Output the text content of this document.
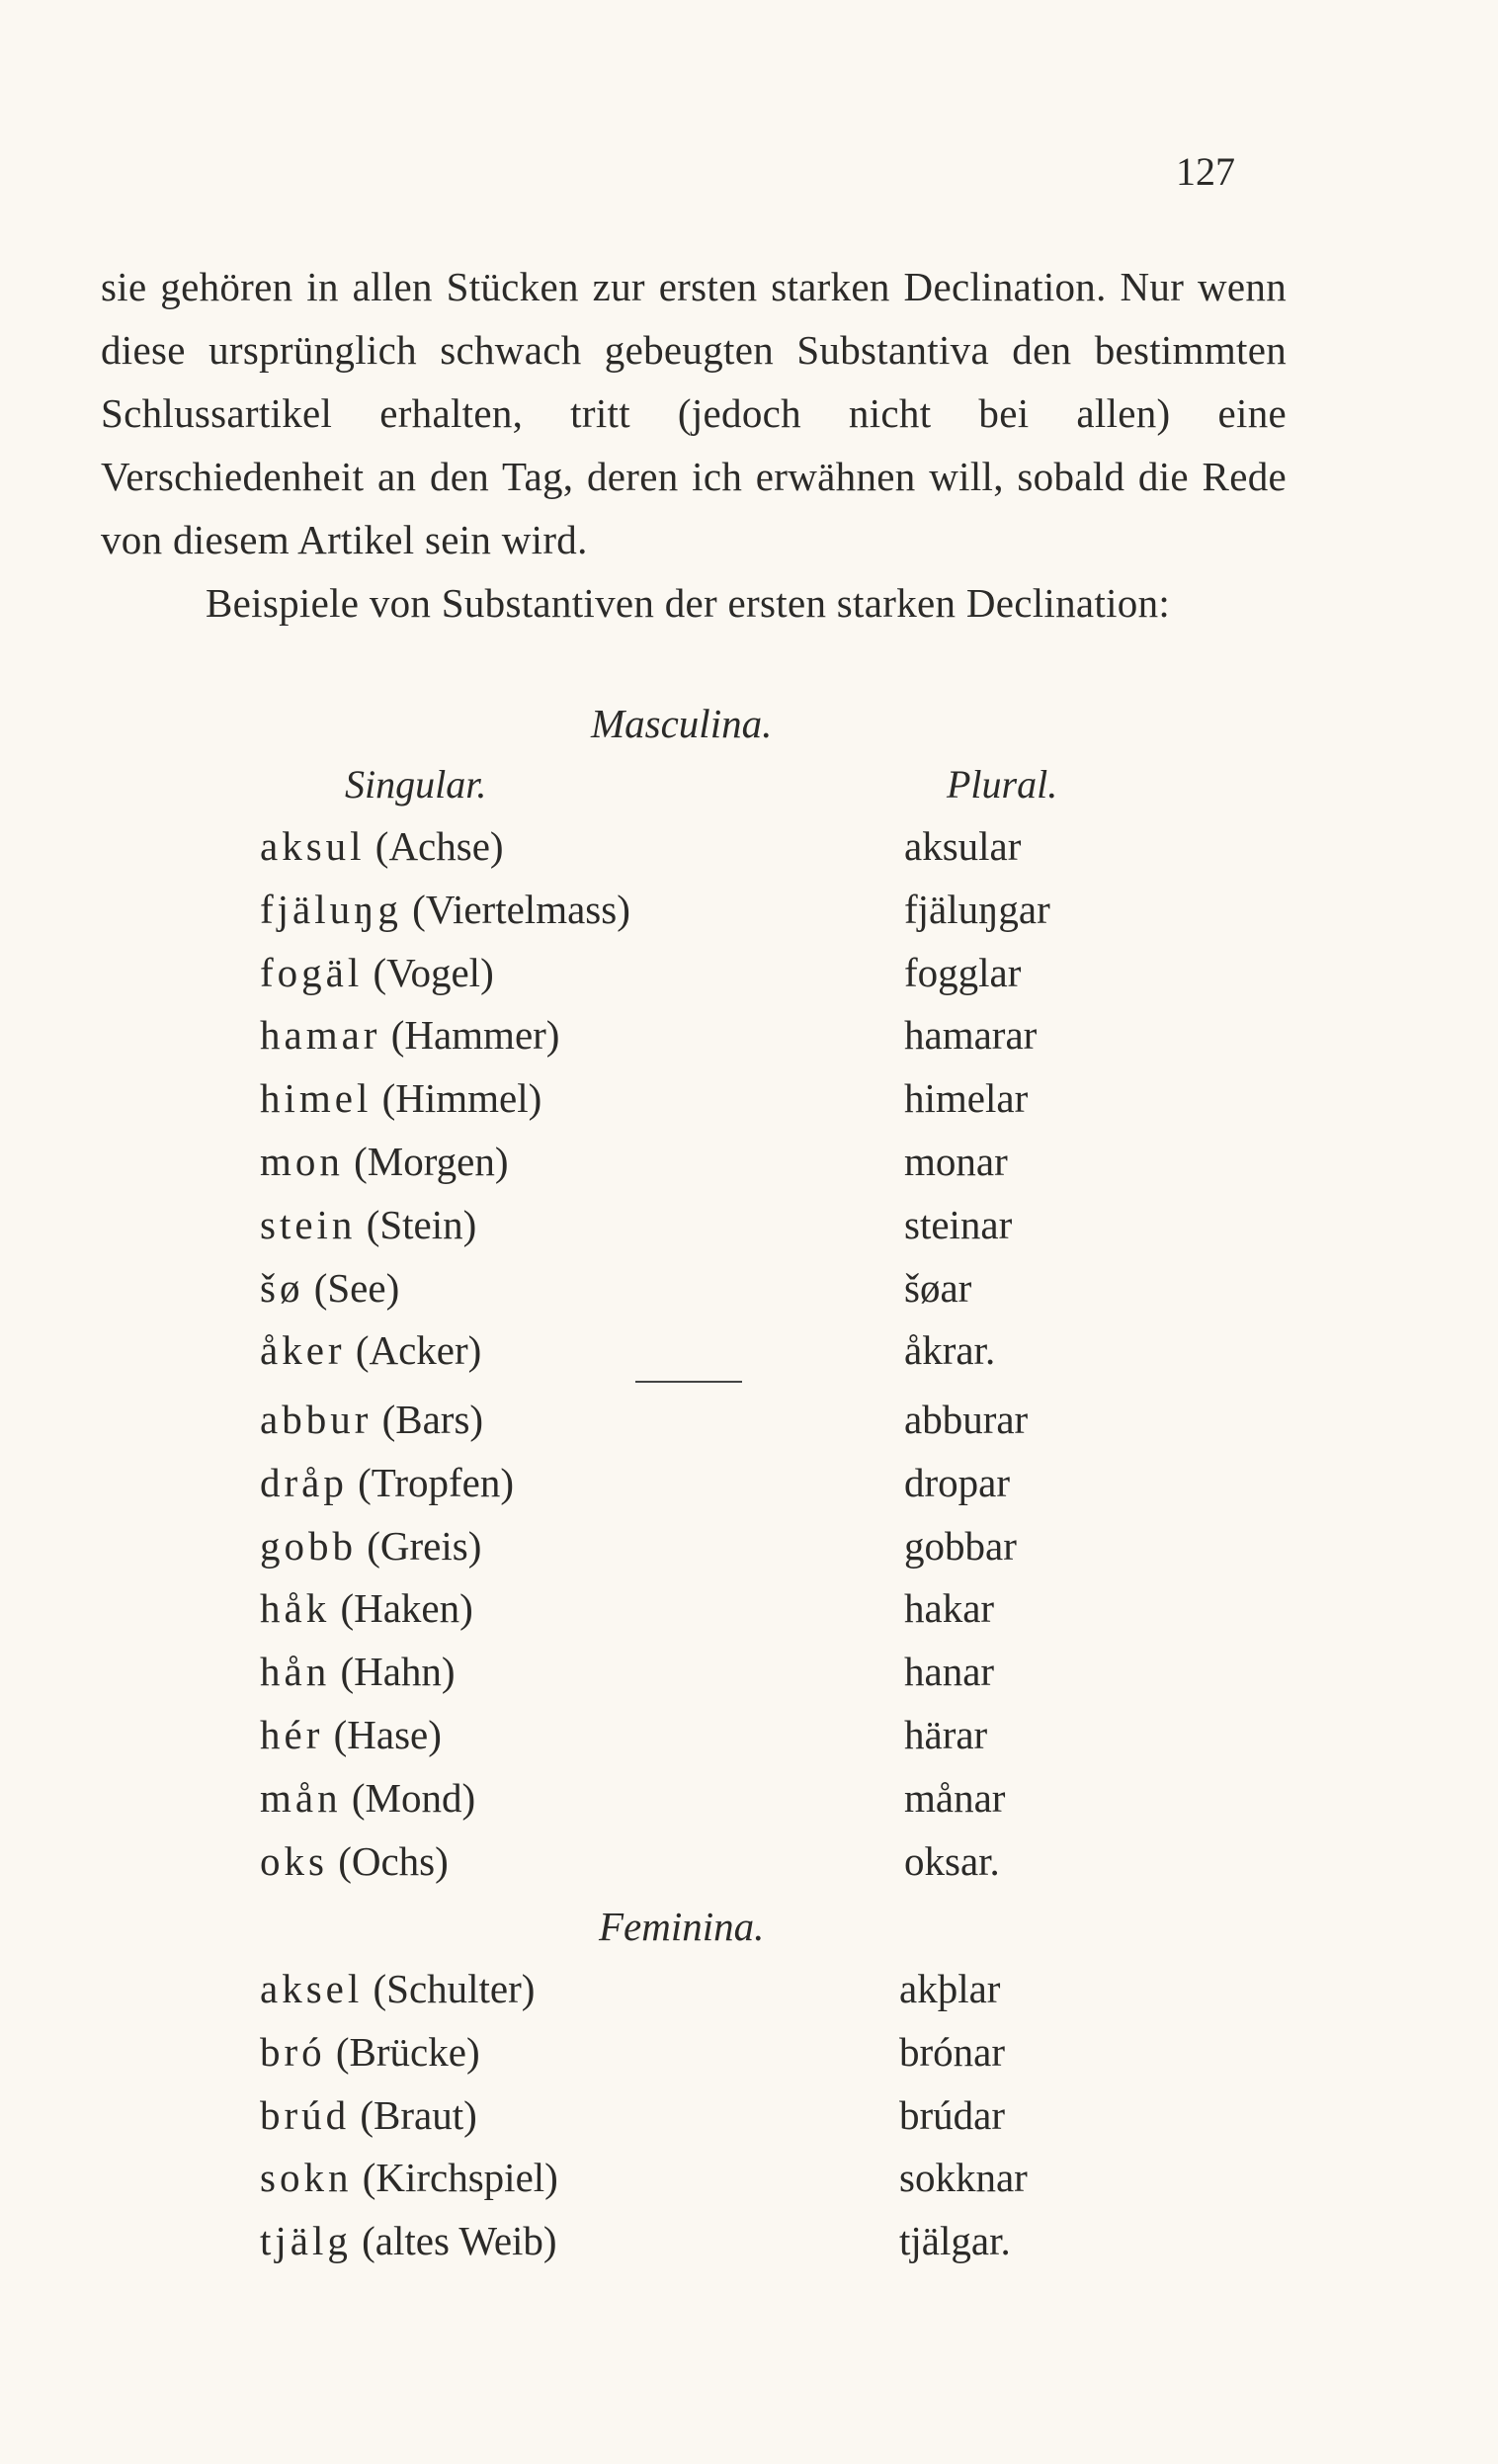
127
sie gehören in allen Stücken zur ersten starken Declination. Nur wenn diese ursprünglich schwach gebeugten Substantiva den bestimmten Schlussartikel erhalten, tritt (jedoch nicht bei allen) eine Verschiedenheit an den Tag, deren ich erwähnen will, sobald die Rede von diesem Artikel sein wird.
Beispiele von Substantiven der ersten starken Declination:
Masculina.
Singular.	Plural.
aksul (Achse)	aksular
fjäluŋg (Viertelmass)	fjäluŋgar
fogäl (Vogel)	fogglar
hamar (Hammer)	hamarar
himel (Himmel)	himelar
mon (Morgen)	monar
stein (Stein)	steinar
šø (See)	šøar
åker (Acker)	åkrar.
abbur (Bars)	abburar
dråp (Tropfen)	dropar
gobb (Greis)	gobbar
håk (Haken)	hakar
hån (Hahn)	hanar
hér (Hase)	härar
mån (Mond)	månar
oks (Ochs)	oksar.
Feminina.
aksel (Schulter)	akþlar
bró (Brücke)	brónar
brúd (Braut)	brúdar
sokn (Kirchspiel)	sokknar
tjälg (altes Weib)	tjälgar.
